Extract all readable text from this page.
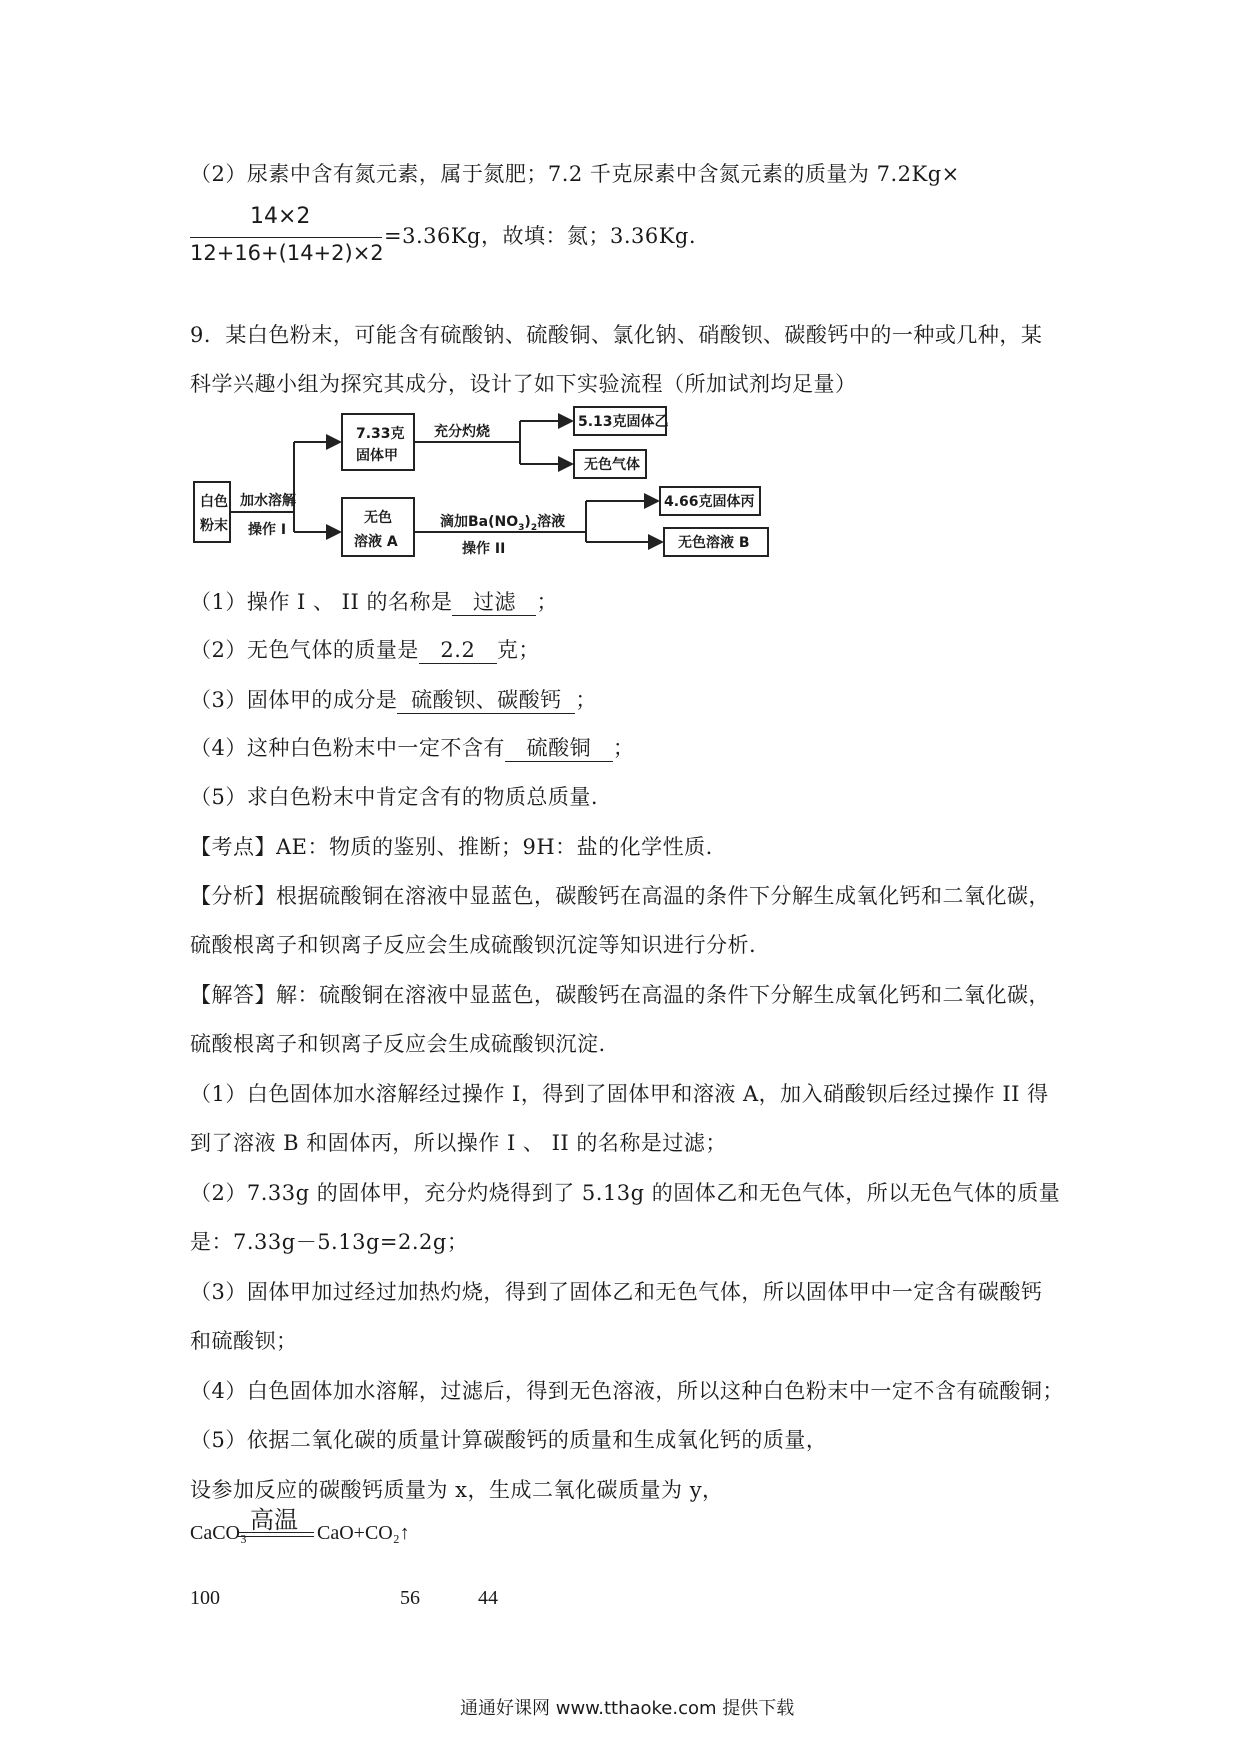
（2）尿素中含有氮元素，属于氮肥；7.2 千克尿素中含氮元素的质量为 7.2Kg×
14×2
12+16+(14+2)×2
=3.36Kg，故填：氮；3.36Kg.
9．某白色粉末，可能含有硫酸钠、硫酸铜、氯化钠、硝酸钡、碳酸钙中的一种或几种，某
科学兴趣小组为探究其成分，设计了如下实验流程（所加试剂均足量）
白色
粉末
加水溶解
操作 I
7.33克
固体甲
充分灼烧
5.13克固体乙
无色气体
无色
溶液 A
滴加$Ba(NO_3)_2$溶液
操作 II
4.66克固体丙
无色溶液 B
（1）操作 I 、 II 的名称是 过滤 ；
（2）无色气体的质量是 2.2 克；
（3）固体甲的成分是 硫酸钡、碳酸钙 ；
（4）这种白色粉末中一定不含有 硫酸铜 ；
（5）求白色粉末中肯定含有的物质总质量.
【考点】AE：物质的鉴别、推断；9H：盐的化学性质.
【分析】根据硫酸铜在溶液中显蓝色，碳酸钙在高温的条件下分解生成氧化钙和二氧化碳，
硫酸根离子和钡离子反应会生成硫酸钡沉淀等知识进行分析.
【解答】解：硫酸铜在溶液中显蓝色，碳酸钙在高温的条件下分解生成氧化钙和二氧化碳，
硫酸根离子和钡离子反应会生成硫酸钡沉淀.
（1）白色固体加水溶解经过操作 I，得到了固体甲和溶液 A，加入硝酸钡后经过操作 II 得
到了溶液 B 和固体丙，所以操作 I 、 II 的名称是过滤；
（2）7.33g 的固体甲，充分灼烧得到了 5.13g 的固体乙和无色气体，所以无色气体的质量
是：7.33g－5.13g=2.2g；
（3）固体甲加过经过加热灼烧，得到了固体乙和无色气体，所以固体甲中一定含有碳酸钙
和硫酸钡；
（4）白色固体加水溶解，过滤后，得到无色溶液，所以这种白色粉末中一定不含有硫酸铜；
（5）依据二氧化碳的质量计算碳酸钙的质量和生成氧化钙的质量，
设参加反应的碳酸钙质量为 x，生成二氧化碳质量为 y，
高温
CaCO₃	CaO+CO₂↑
100	56	44
通通好课网 www.tthaoke.com 提供下载
